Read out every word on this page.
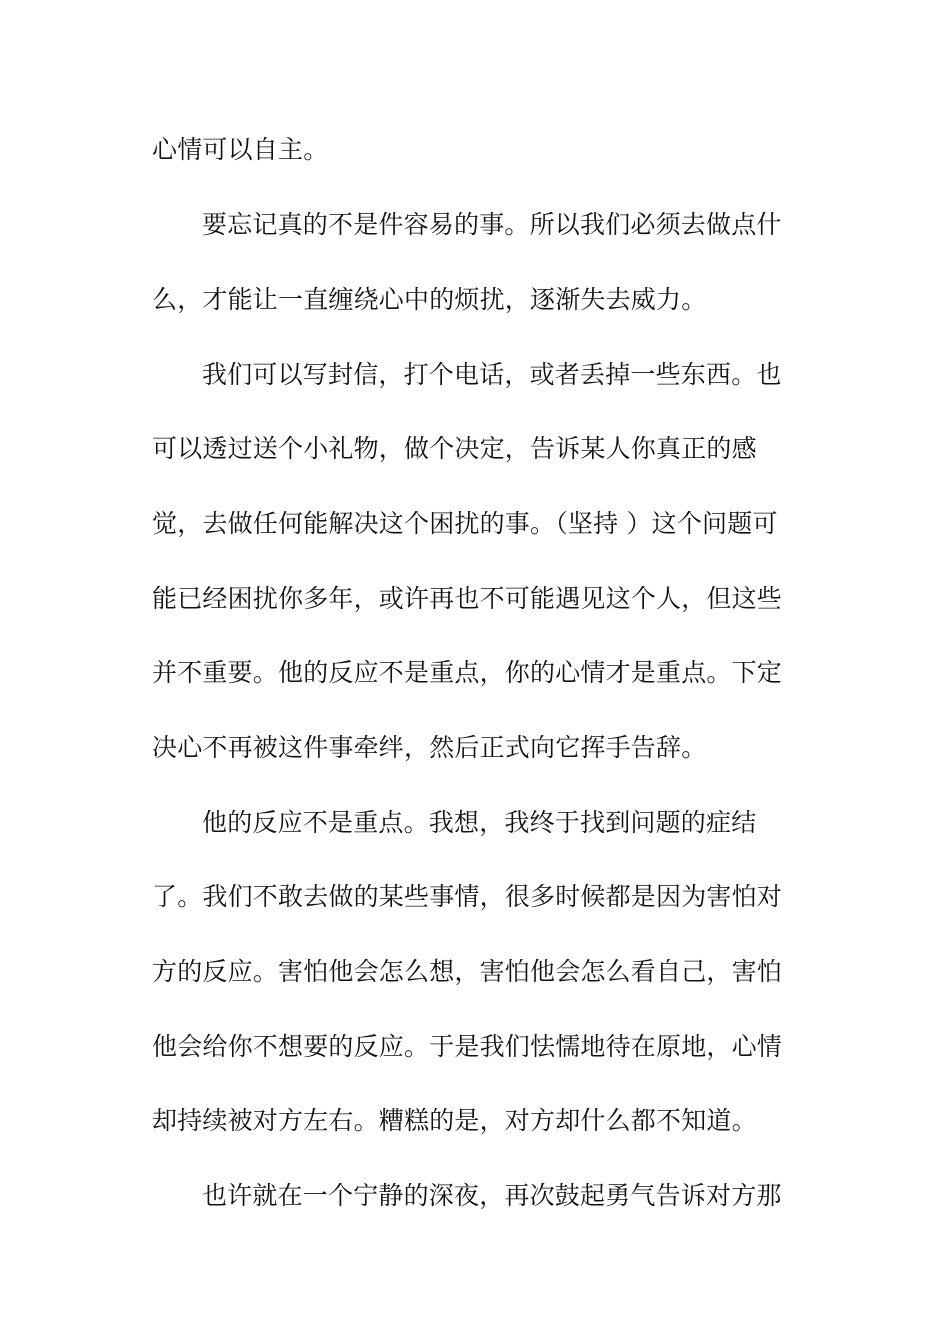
心情可以自主。
要忘记真的不是件容易的事。所以我们必须去做点什
么，才能让一直缠绕心中的烦扰，逐渐失去威力。
我们可以写封信，打个电话，或者丢掉一些东西。也
可以透过送个小礼物，做个决定，告诉某人你真正的感
觉，去做任何能解决这个困扰的事。（坚持 ）这个问题可
能已经困扰你多年，或许再也不可能遇见这个人，但这些
并不重要。他的反应不是重点，你的心情才是重点。下定
决心不再被这件事牵绊，然后正式向它挥手告辞。
他的反应不是重点。我想，我终于找到问题的症结
了。我们不敢去做的某些事情，很多时候都是因为害怕对
方的反应。害怕他会怎么想，害怕他会怎么看自己，害怕
他会给你不想要的反应。于是我们怯懦地待在原地，心情
却持续被对方左右。糟糕的是，对方却什么都不知道。
也许就在一个宁静的深夜，再次鼓起勇气告诉对方那
